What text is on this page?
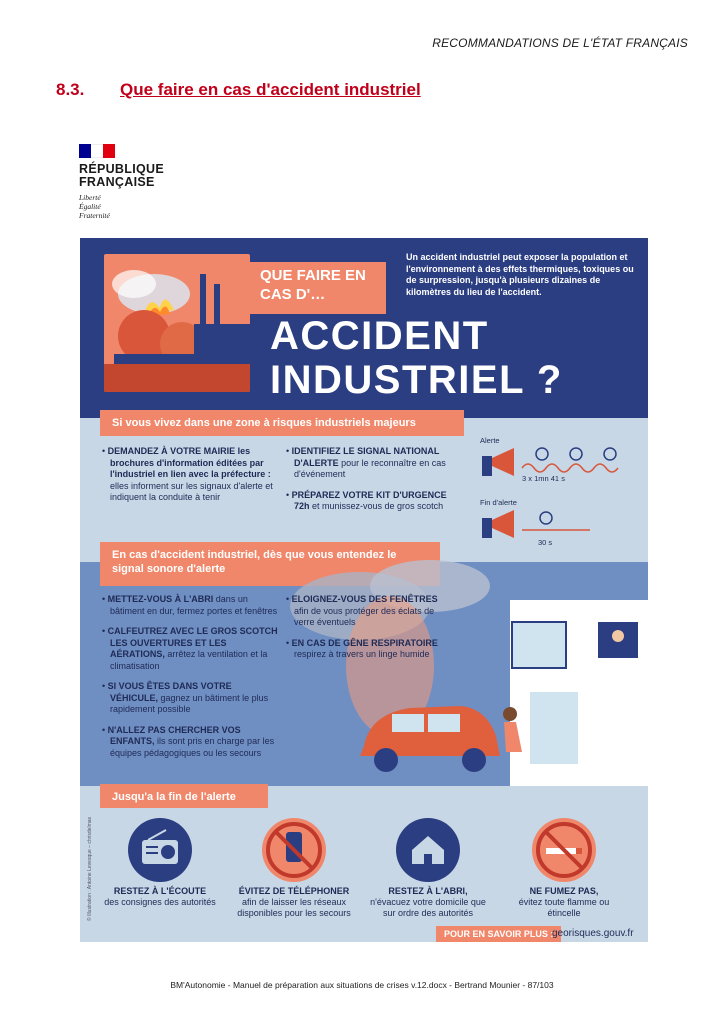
RECOMMANDATIONS DE L'ÉTAT FRANÇAIS
8.3. Que faire en cas d'accident industriel
RÉPUBLIQUE
FRANÇAISE
Liberté
Égalité
Fraternité
QUE FAIRE EN CAS D'…
Un accident industriel peut exposer la population et l'environnement à des effets thermiques, toxiques ou de surpression, jusqu'à plusieurs dizaines de kilomètres du lieu de l'accident.
ACCIDENT
INDUSTRIEL ?
Si vous vivez dans une zone à risques industriels majeurs

• DEMANDEZ À VOTRE MAIRIE les brochures d'information éditées par l'industriel en lien avec la préfecture : elles informent sur les signaux d'alerte et indiquent la conduite à tenir

• IDENTIFIEZ LE SIGNAL NATIONAL D'ALERTE pour le reconnaître en cas d'événement

• PRÉPAREZ VOTRE KIT D'URGENCE 72h et munissez-vous de gros scotch

Alerte
3 x 1mn 41 s
Fin d'alerte
30 s
En cas d'accident industriel, dès que vous entendez le signal sonore d'alerte

• METTEZ-VOUS À L'ABRI dans un bâtiment en dur, fermez portes et fenêtres

• CALFEUTREZ AVEC LE GROS SCOTCH LES OUVERTURES ET LES AÉRATIONS, arrêtez la ventilation et la climatisation

• SI VOUS ÊTES DANS VOTRE VÉHICULE, gagnez un bâtiment le plus rapidement possible

• N'ALLEZ PAS CHERCHER VOS ENFANTS, ils sont pris en charge par les équipes pédagogiques ou les secours

• ELOIGNEZ-VOUS DES FENÊTRES afin de vous protéger des éclats de verre éventuels

• EN CAS DE GÊNE RESPIRATOIRE respirez à travers un linge humide

Jusqu'a la fin de l'alerte
RESTEZ À L'ÉCOUTE
des consignes des autorités
ÉVITEZ DE TÉLÉPHONER
afin de laisser les réseaux disponibles pour les secours
RESTEZ À L'ABRI,
n'évacuez votre domicile que sur ordre des autorités
NE FUMEZ PAS,
évitez toute flamme ou étincelle
POUR EN SAVOIR PLUS :
georisques.gouv.fr
© Illustration : Antoine Levesque – chrisdelmas
BM'Autonomie - Manuel de préparation aux situations de crises v.12.docx - Bertrand Mounier - 87/103
